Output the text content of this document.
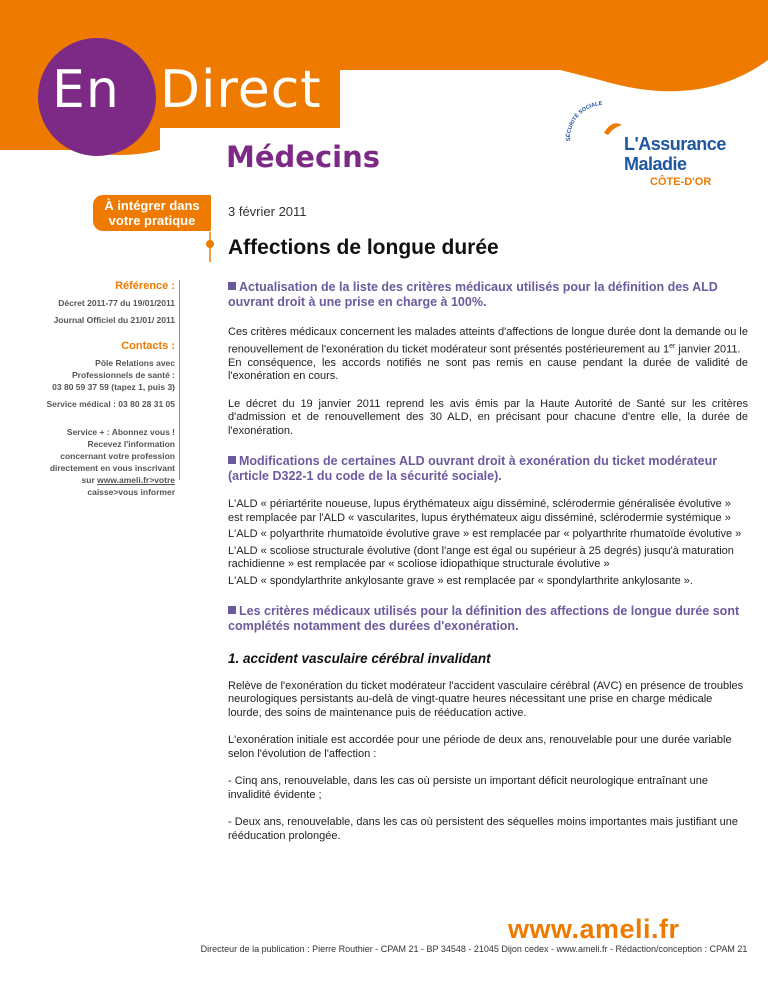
En Direct	Réglementaire
Médecins
SÉCURITÉ SOCIALE
L'Assurance
Maladie
CÔTE-D'OR
À intégrer dans
votre pratique
3 février 2011
Affections de longue durée
Référence :
Décret 2011-77 du 19/01/2011
Journal Officiel du 21/01/ 2011
Contacts :
Pôle Relations avec
Professionnels de santé :
03 80 59 37 59 (tapez 1, puis 3)
Service médical : 03 80 28 31 05
Service + : Abonnez vous !
Recevez l'information
concernant votre profession
directement en vous inscrivant
sur www.ameli.fr>votre
caisse>vous informer
Actualisation de la liste des critères médicaux utilisés pour la définition des ALD ouvrant droit à une prise en charge à 100%.

Ces critères médicaux concernent les malades atteints d'affections de longue durée dont la demande ou le renouvellement de l'exonération du ticket modérateur sont présentés postérieurement au 1er janvier 2011.

En conséquence, les accords notifiés ne sont pas remis en cause pendant la durée de validité de l'exonération en cours.

Le décret du 19 janvier 2011 reprend les avis émis par la Haute Autorité de Santé sur les critères d'admission et de renouvellement des 30 ALD, en précisant pour chacune d'entre elle, la durée de l'exonération.

Modifications de certaines ALD ouvrant droit à exonération du ticket modérateur (article D322-1 du code de la sécurité sociale).

L'ALD « périartérite noueuse, lupus érythémateux aigu disséminé, sclérodermie généralisée évolutive » est remplacée par l'ALD « vascularites, lupus érythémateux aigu disséminé, sclérodermie systémique »

L'ALD « polyarthrite rhumatoïde évolutive grave » est remplacée par « polyarthrite rhumatoïde évolutive »

L'ALD « scoliose structurale évolutive (dont l'ange est égal ou supérieur à 25 degrés) jusqu'à maturation rachidienne » est remplacée par « scoliose idiopathique structurale évolutive »

L'ALD « spondylarthrite ankylosante grave » est remplacée par « spondylarthrite ankylosante ».

Les critères médicaux utilisés pour la définition des affections de longue durée sont complétés notamment des durées d'exonération.
1. accident vasculaire cérébral invalidant

Relève de l'exonération du ticket modérateur l'accident vasculaire cérébral (AVC) en présence de troubles neurologiques persistants au-delà de vingt-quatre heures nécessitant une prise en charge médicale lourde, des soins de maintenance puis de rééducation active.

L'exonération initiale est accordée pour une période de deux ans, renouvelable pour une durée variable selon l'évolution de l'affection :

- Cinq ans, renouvelable, dans les cas où persiste un important déficit neurologique entraînant une invalidité évidente ;

- Deux ans, renouvelable, dans les cas où persistent des séquelles moins importantes mais justifiant une rééducation prolongée.

www.ameli.fr
Directeur de la publication : Pierre Routhier - CPAM 21 - BP 34548 - 21045 Dijon cedex - www.ameli.fr - Rédaction/conception : CPAM 21
